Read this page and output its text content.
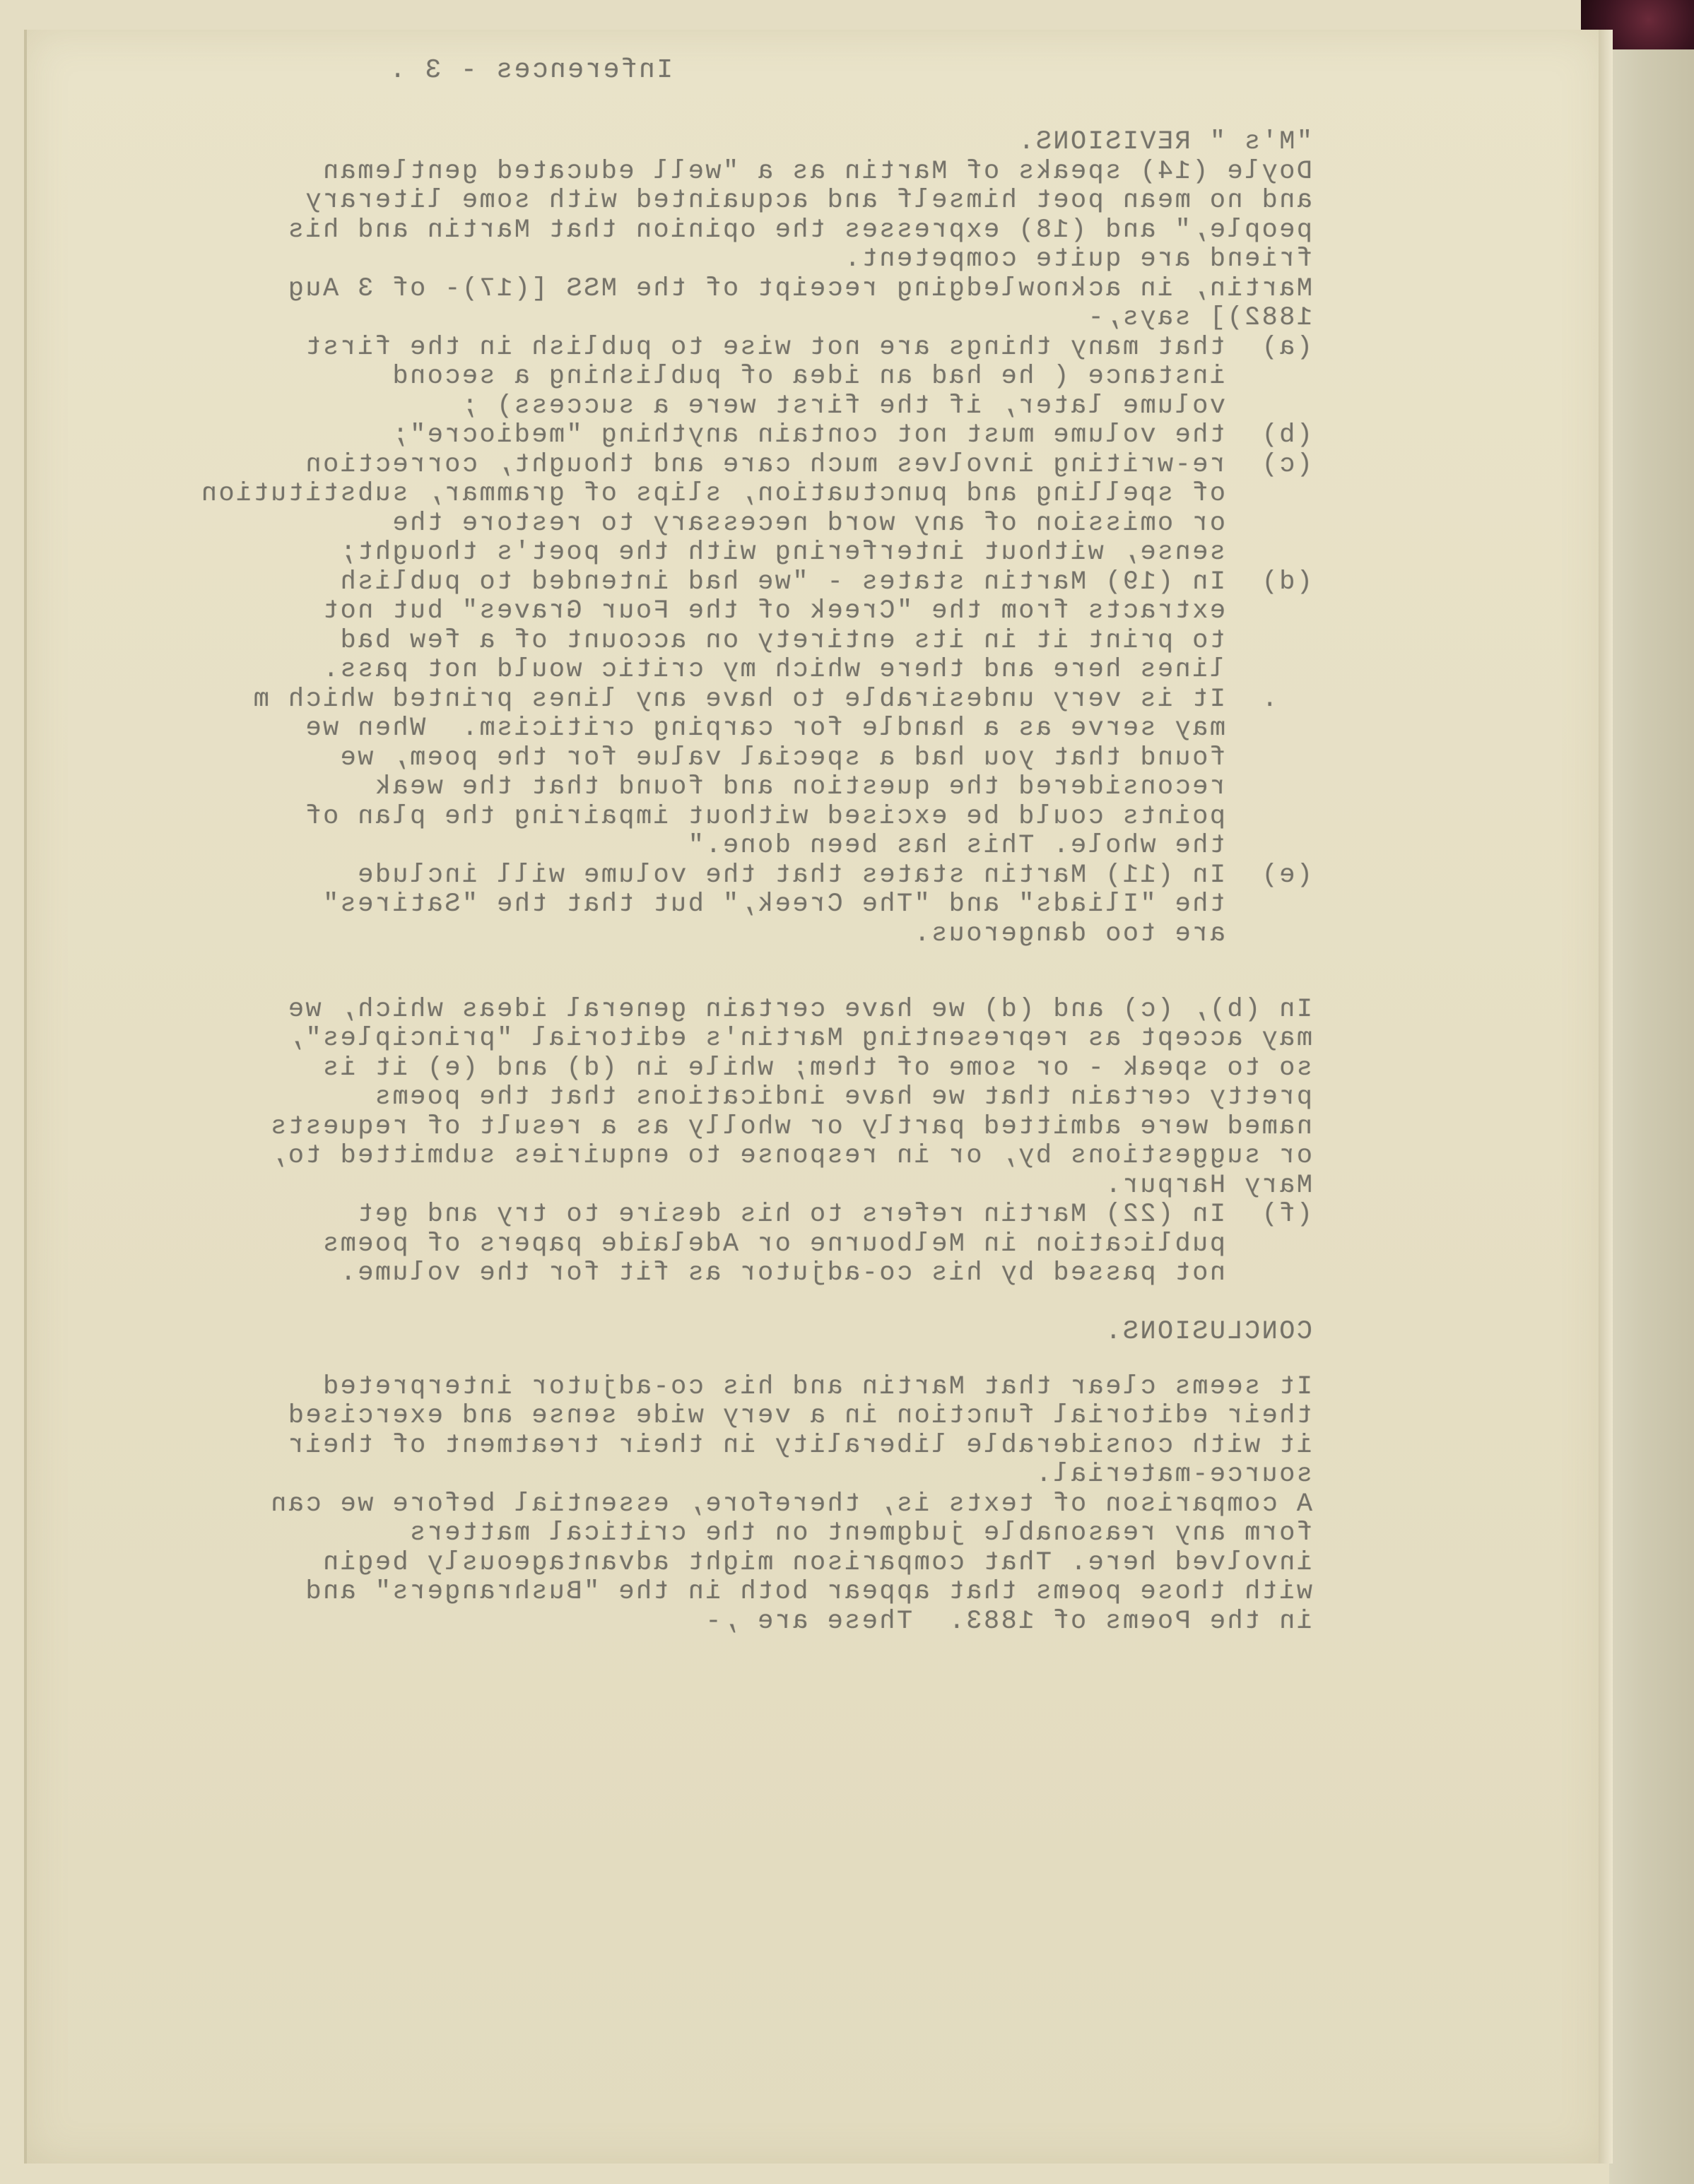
Inferences - 3 .
"M's " REVISIONS.
Doyle (14) speaks of Martin as a "well educated gentleman
and no mean poet himself and acquainted with some literary
people," and (18) expresses the opinion that Martin and his
friend are quite competent.
Martin, in acknowledging receipt of the MSS [(17)- of 3 Aug
1882)] says,-
(a)  that many things are not wise to publish in the first
instance ( he had an idea of publishing a second
volume later, if the first were a success) ;
(b)  the volume must not contain anything "mediocre";
(c)  re-writing involves much care and thought, correction
of spelling and punctuation, slips of grammar, substitution
or omission of any word necessary to restore the
sense, without interfering with the poet's thought;
(d)  In (19) Martin states - "we had intended to publish
extracts from the "Creek of the Four Graves" but not
to print it in its entirety on account of a few bad
lines here and there which my critic would not pass.
.  It is very undesirable to have any lines printed which m
may serve as a handle for carping criticism.  When we
found that you had a special value for the poem, we
reconsidered the question and found that the weak
points could be excised without impairing the plan of
the whole. This has been done."
(e)  In (11) Martin states that the volume will include
the "Iliads" and "The Creek," but that the "Satires"
are too dangerous.
In (b), (c) and (d) we have certain general ideas which, we
may accept as representing Martin's editorial "principles",
so to speak - or some of them; while in (d) and (e) it is
pretty certain that we have indications that the poems
named were admitted partly or wholly as a result of requests
or suggestions by, or in response to enquiries submitted to,
Mary Harpur.
(f)  In (22) Martin refers to his desire to try and get
publication in Melbourne or Adelaide papers of poems
not passed by his co-adjutor as fit for the volume.
CONCLUSIONS.
It seems clear that Martin and his co-adjutor interpreted
their editorial function in a very wide sense and exercised
it with considerable liberality in their treatment of their
source-material.
A comparison of texts is, therefore, essential before we can
form any reasonable judgment on the critical matters
involved here. That comparison might advantageously begin
with those poems that appear both in the "Bushrangers" and
in the Poems of 1883.  These are ,-
